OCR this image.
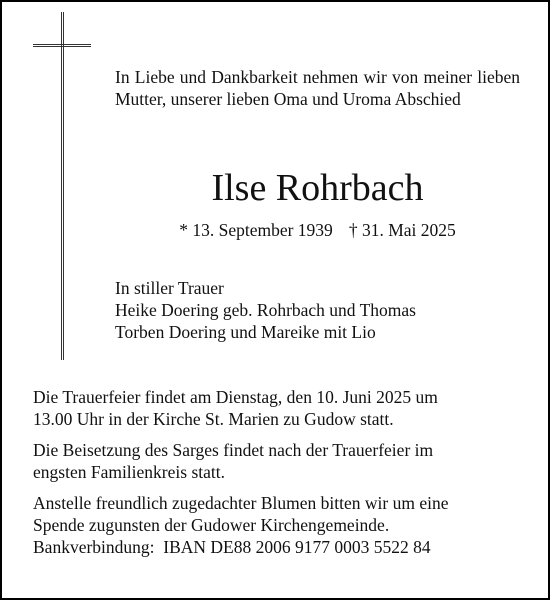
In Liebe und Dankbarkeit nehmen wir von meiner lieben Mutter, unserer lieben Oma und Uroma Abschied
Ilse Rohrbach
* 13. September 1939 † 31. Mai 2025
In stiller Trauer
Heike Doering geb. Rohrbach und Thomas
Torben Doering und Mareike mit Lio

Die Trauerfeier findet am Dienstag, den 10. Juni 2025 um
13.00 Uhr in der Kirche St. Marien zu Gudow statt.

Die Beisetzung des Sarges findet nach der Trauerfeier im
engsten Familienkreis statt.

Anstelle freundlich zugedachter Blumen bitten wir um eine
Spende zugunsten der Gudower Kirchengemeinde.
Bankverbindung:  IBAN DE88 2006 9177 0003 5522 84
